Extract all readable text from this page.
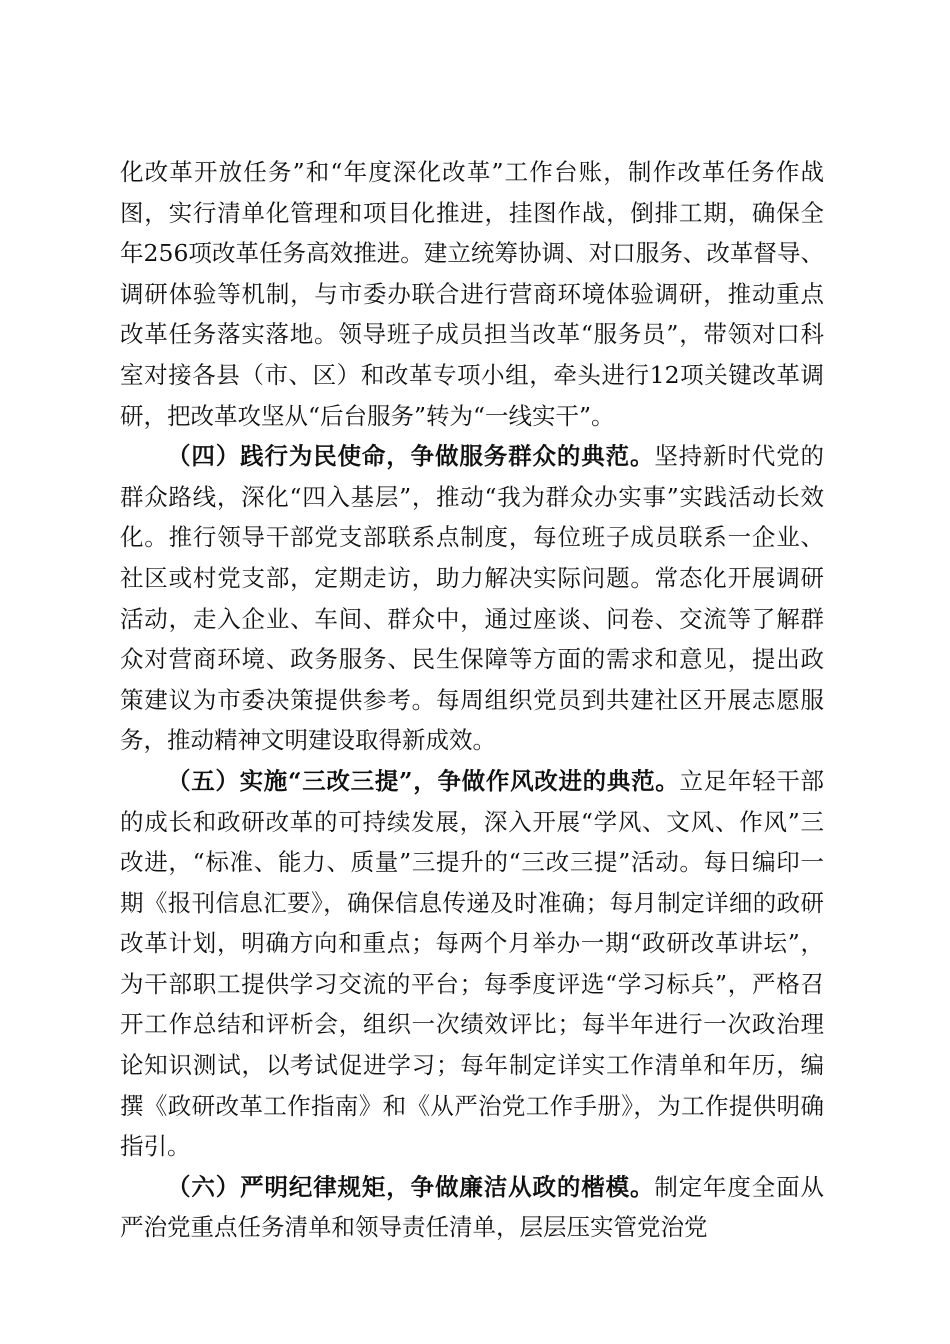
化改革开放任务”和“年度深化改革”工作台账，制作改革任务作战图，实行清单化管理和项目化推进，挂图作战，倒排工期，确保全年256项改革任务高效推进。建立统筹协调、对口服务、改革督导、调研体验等机制，与市委办联合进行营商环境体验调研，推动重点改革任务落实落地。领导班子成员担当改革“服务员”，带领对口科室对接各县（市、区）和改革专项小组，牵头进行12项关键改革调研，把改革攻坚从“后台服务”转为“一线实干”。

（四）践行为民使命，争做服务群众的典范。坚持新时代党的群众路线，深化“四入基层”，推动“我为群众办实事”实践活动长效化。推行领导干部党支部联系点制度，每位班子成员联系一企业、社区或村党支部，定期走访，助力解决实际问题。常态化开展调研活动，走入企业、车间、群众中，通过座谈、问卷、交流等了解群众对营商环境、政务服务、民生保障等方面的需求和意见，提出政策建议为市委决策提供参考。每周组织党员到共建社区开展志愿服务，推动精神文明建设取得新成效。

（五）实施“三改三提”，争做作风改进的典范。立足年轻干部的成长和政研改革的可持续发展，深入开展“学风、文风、作风”三改进，“标准、能力、质量”三提升的“三改三提”活动。每日编印一期《报刊信息汇要》，确保信息传递及时准确；每月制定详细的政研改革计划，明确方向和重点；每两个月举办一期“政研改革讲坛”，为干部职工提供学习交流的平台；每季度评选“学习标兵”，严格召开工作总结和评析会，组织一次绩效评比；每半年进行一次政治理论知识测试，以考试促进学习；每年制定详实工作清单和年历，编撰《政研改革工作指南》和《从严治党工作手册》，为工作提供明确指引。

（六）严明纪律规矩，争做廉洁从政的楷模。制定年度全面从严治党重点任务清单和领导责任清单，层层压实管党治党
